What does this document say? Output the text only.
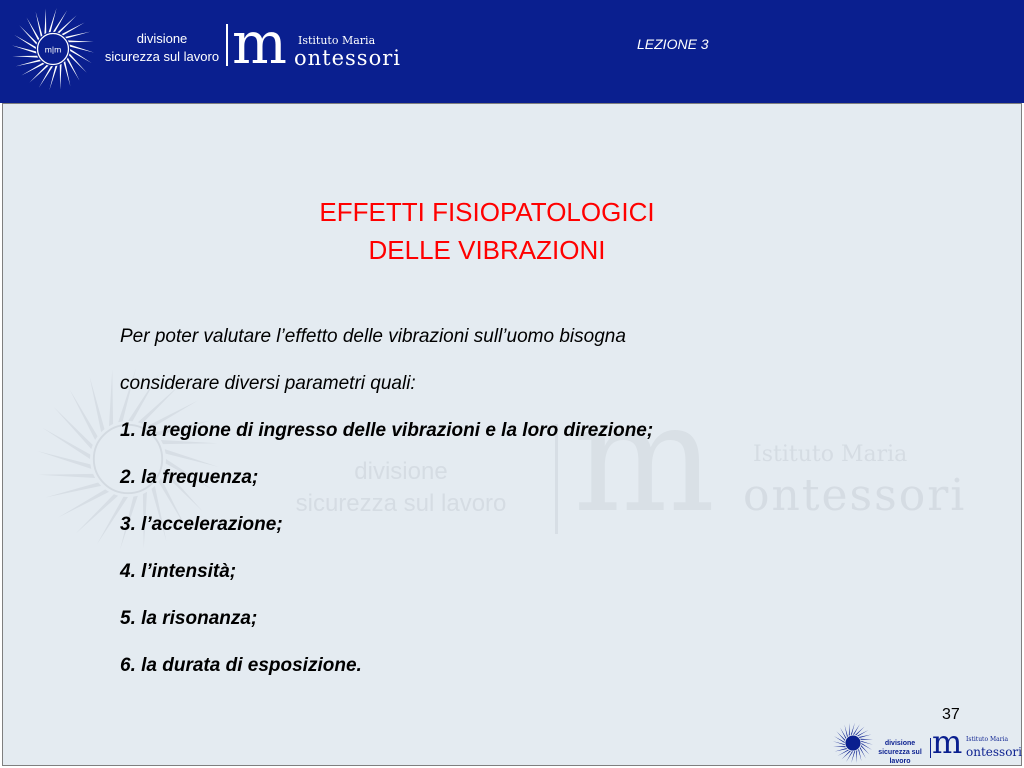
m|m
divisione
sicurezza sul lavoro m Istituto Maria
ontessori
LEZIONE 3
divisione
sicurezza sul lavoro m Istituto Maria
ontessori
EFFETTI FISIOPATOLOGICI
DELLE VIBRAZIONI
Per poter valutare l’effetto delle vibrazioni sull’uomo bisogna
considerare diversi parametri quali:
1. la regione di ingresso delle vibrazioni e la loro direzione;
2. la frequenza;
3. l’accelerazione;
4. l’intensità;
5. la risonanza;
6. la durata di esposizione.
37
divisione
sicurezza sul lavoro
m Istituto Maria
ontessori
